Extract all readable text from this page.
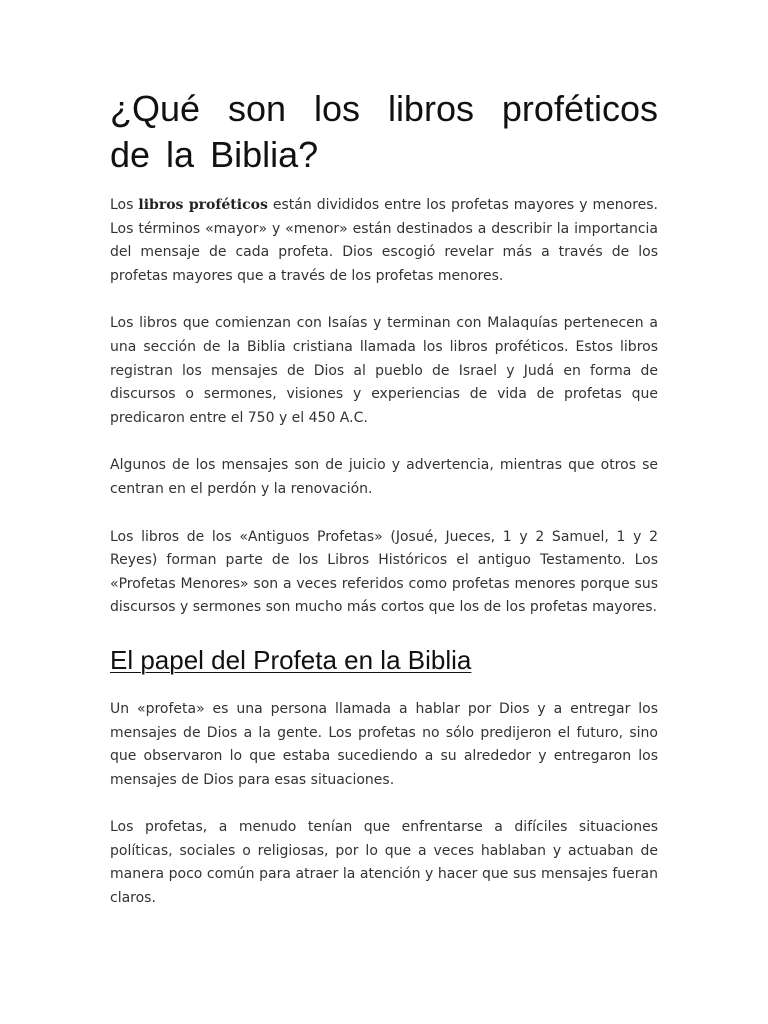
¿Qué son los libros proféticos de la Biblia?

Los libros proféticos están divididos entre los profetas mayores y menores. Los términos «mayor» y «menor» están destinados a describir la importancia del mensaje de cada profeta. Dios escogió revelar más a través de los profetas mayores que a través de los profetas menores.

Los libros que comienzan con Isaías y terminan con Malaquías pertenecen a una sección de la Biblia cristiana llamada los libros proféticos. Estos libros registran los mensajes de Dios al pueblo de Israel y Judá en forma de discursos o sermones, visiones y experiencias de vida de profetas que predicaron entre el 750 y el 450 A.C.

Algunos de los mensajes son de juicio y advertencia, mientras que otros se centran en el perdón y la renovación.

Los libros de los «Antiguos Profetas» (Josué, Jueces, 1 y 2 Samuel, 1 y 2 Reyes) forman parte de los Libros Históricos el antiguo Testamento. Los «Profetas Menores» son a veces referidos como profetas menores porque sus discursos y sermones son mucho más cortos que los de los profetas mayores.

El papel del Profeta en la Biblia

Un «profeta» es una persona llamada a hablar por Dios y a entregar los mensajes de Dios a la gente. Los profetas no sólo predijeron el futuro, sino que observaron lo que estaba sucediendo a su alrededor y entregaron los mensajes de Dios para esas situaciones.

Los profetas, a menudo tenían que enfrentarse a difíciles situaciones políticas, sociales o religiosas, por lo que a veces hablaban y actuaban de manera poco común para atraer la atención y hacer que sus mensajes fueran claros.
